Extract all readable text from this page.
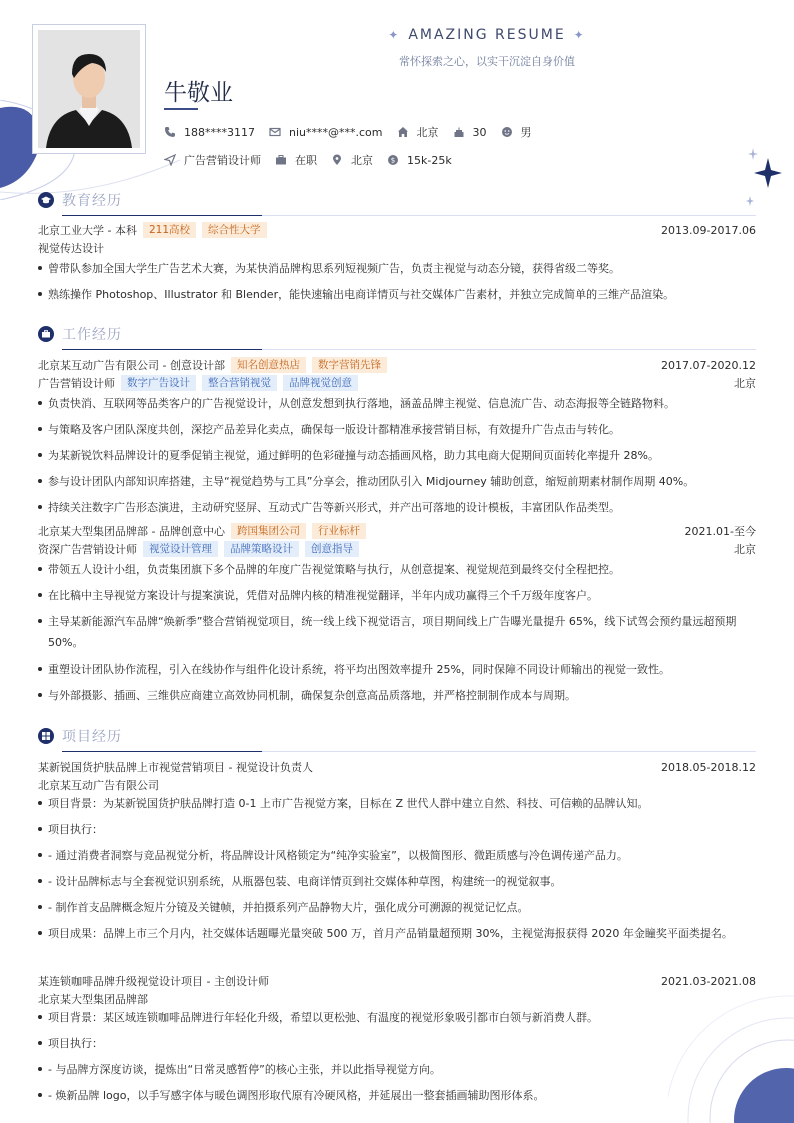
✦ AMAZING RESUME ✦
常怀探索之心，以实干沉淀自身价值
牛敬业
188****3117	niu****@***.com	北京	30	男
广告营销设计师	在职	北京	$ 15k-25k
教育经历
北京工业大学 - 本科	211高校	综合性大学	2013.09-2017.06
视觉传达设计
曾带队参加全国大学生广告艺术大赛，为某快消品牌构思系列短视频广告，负责主视觉与动态分镜，获得省级二等奖。
熟练操作 Photoshop、Illustrator 和 Blender，能快速输出电商详情页与社交媒体广告素材，并独立完成简单的三维产品渲染。
工作经历
北京某互动广告有限公司 - 创意设计部	知名创意热店	数字营销先锋	2017.07-2020.12
广告营销设计师	数字广告设计	整合营销视觉	品牌视觉创意	北京
负责快消、互联网等品类客户的广告视觉设计，从创意发想到执行落地，涵盖品牌主视觉、信息流广告、动态海报等全链路物料。
与策略及客户团队深度共创，深挖产品差异化卖点，确保每一版设计都精准承接营销目标，有效提升广告点击与转化。
为某新锐饮料品牌设计的夏季促销主视觉，通过鲜明的色彩碰撞与动态插画风格，助力其电商大促期间页面转化率提升 28%。
参与设计团队内部知识库搭建，主导“视觉趋势与工具”分享会，推动团队引入 Midjourney 辅助创意，缩短前期素材制作周期 40%。
持续关注数字广告形态演进，主动研究竖屏、互动式广告等新兴形式，并产出可落地的设计模板，丰富团队作品类型。
北京某大型集团品牌部 - 品牌创意中心	跨国集团公司	行业标杆	2021.01-至今
资深广告营销设计师	视觉设计管理	品牌策略设计	创意指导	北京
带领五人设计小组，负责集团旗下多个品牌的年度广告视觉策略与执行，从创意提案、视觉规范到最终交付全程把控。
在比稿中主导视觉方案设计与提案演说，凭借对品牌内核的精准视觉翻译，半年内成功赢得三个千万级年度客户。
主导某新能源汽车品牌“焕新季”整合营销视觉项目，统一线上线下视觉语言，项目期间线上广告曝光量提升 65%，线下试驾会预约量远超预期 50%。
重塑设计团队协作流程，引入在线协作与组件化设计系统，将平均出图效率提升 25%，同时保障不同设计师输出的视觉一致性。
与外部摄影、插画、三维供应商建立高效协同机制，确保复杂创意高品质落地，并严格控制制作成本与周期。
项目经历
某新锐国货护肤品牌上市视觉营销项目 - 视觉设计负责人	2018.05-2018.12
北京某互动广告有限公司
项目背景：为某新锐国货护肤品牌打造 0-1 上市广告视觉方案，目标在 Z 世代人群中建立自然、科技、可信赖的品牌认知。
项目执行：
- 通过消费者洞察与竞品视觉分析，将品牌设计风格锁定为“纯净实验室”，以极简图形、微距质感与冷色调传递产品力。
- 设计品牌标志与全套视觉识别系统，从瓶器包装、电商详情页到社交媒体种草图，构建统一的视觉叙事。
- 制作首支品牌概念短片分镜及关键帧，并拍摄系列产品静物大片，强化成分可溯源的视觉记忆点。
项目成果：品牌上市三个月内，社交媒体话题曝光量突破 500 万，首月产品销量超预期 30%，主视觉海报获得 2020 年金瞳奖平面类提名。
某连锁咖啡品牌升级视觉设计项目 - 主创设计师	2021.03-2021.08
北京某大型集团品牌部
项目背景：某区域连锁咖啡品牌进行年轻化升级，希望以更松弛、有温度的视觉形象吸引都市白领与新消费人群。
项目执行：
- 与品牌方深度访谈，提炼出“日常灵感暂停”的核心主张，并以此指导视觉方向。
- 焕新品牌 logo，以手写感字体与暖色调图形取代原有冷硬风格，并延展出一整套插画辅助图形体系。
